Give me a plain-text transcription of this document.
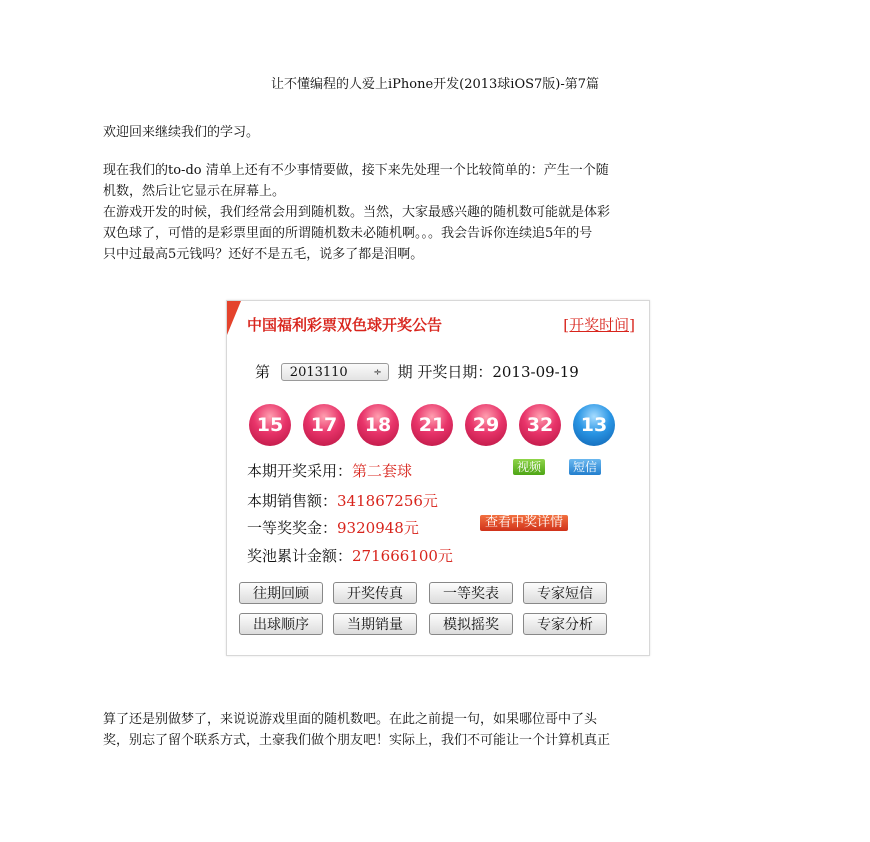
让不懂编程的人爱上iPhone开发(2013球iOS7版)-第7篇
欢迎回来继续我们的学习。
现在我们的to-do 清单上还有不少事情要做，接下来先处理一个比较简单的：产生一个随
机数，然后让它显示在屏幕上。
在游戏开发的时候，我们经常会用到随机数。当然，大家最感兴趣的随机数可能就是体彩
双色球了，可惜的是彩票里面的所谓随机数未必随机啊。。。我会告诉你连续追5年的号
只中过最高5元钱吗？还好不是五毛，说多了都是泪啊。
中国福利彩票双色球开奖公告	[开奖时间]
第 2013110	÷ 期 开奖日期：2013-09-19
15	17	18	21	29	32	13
本期开奖采用：第二套球	视频	短信
本期销售额：341867256元
一等奖奖金：9320948元	查看中奖详情
奖池累计金额：271666100元
往期回顾	开奖传真	一等奖表	专家短信
出球顺序	当期销量	模拟摇奖	专家分析
算了还是别做梦了，来说说游戏里面的随机数吧。在此之前提一句，如果哪位哥中了头
奖，别忘了留个联系方式，土豪我们做个朋友吧！实际上，我们不可能让一个计算机真正
